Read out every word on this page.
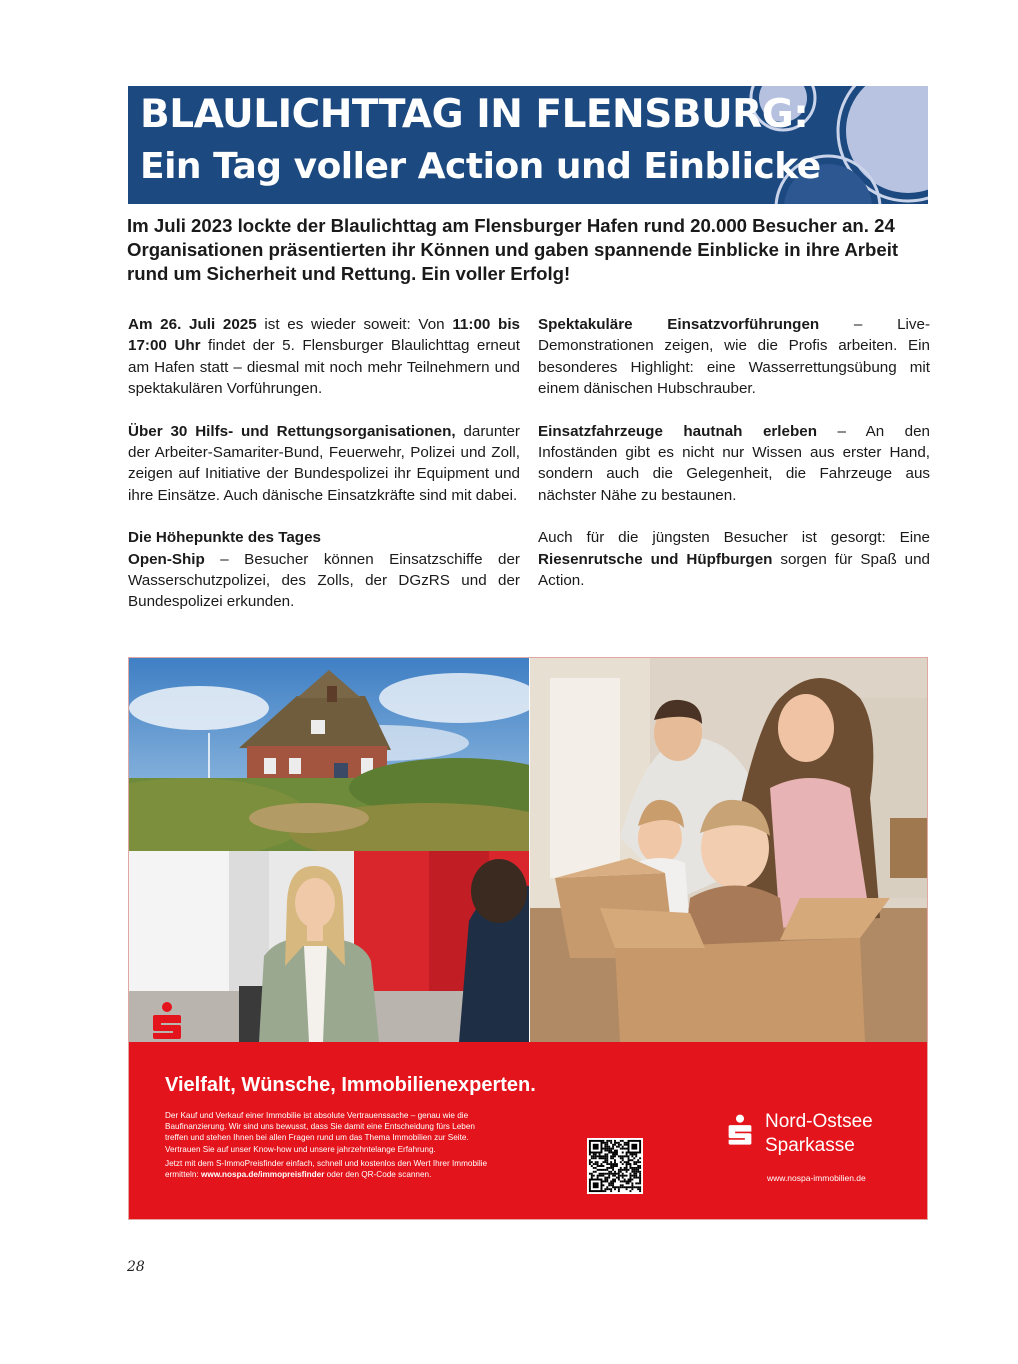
BLAULICHTTAG IN FLENSBURG:
Ein Tag voller Action und Einblicke

Im Juli 2023 lockte der Blaulichttag am Flensburger Hafen rund 20.000 Besucher an. 24 Organisationen präsentierten ihr Können und gaben spannende Einblicke in ihre Arbeit rund um Sicherheit und Rettung. Ein voller Erfolg!

Am 26. Juli 2025 ist es wieder soweit: Von 11:00 bis 17:00 Uhr findet der 5. Flensburger Blaulichttag erneut am Hafen statt – diesmal mit noch mehr Teilnehmern und spektakulären Vorführungen.

Über 30 Hilfs- und Rettungsorganisationen, darunter der Arbeiter-Samariter-Bund, Feuerwehr, Polizei und Zoll, zeigen auf Initiative der Bundespolizei ihr Equipment und ihre Einsätze. Auch dänische Einsatzkräfte sind mit dabei.

Die Höhepunkte des Tages
Open-Ship – Besucher können Einsatzschiffe der Wasserschutzpolizei, des Zolls, der DGzRS und der Bundespolizei erkunden.

Spektakuläre Einsatzvorführungen – Live-Demonstrationen zeigen, wie die Profis arbeiten. Ein besonderes Highlight: eine Wasserrettungsübung mit einem dänischen Hubschrauber.

Einsatzfahrzeuge hautnah erleben – An den Infoständen gibt es nicht nur Wissen aus erster Hand, sondern auch die Gelegenheit, die Fahrzeuge aus nächster Nähe zu bestaunen.

Auch für die jüngsten Besucher ist gesorgt: Eine Riesenrutsche und Hüpfburgen sorgen für Spaß und Action.

Vielfalt, Wünsche, Immobilienexperten.

Der Kauf und Verkauf einer Immobilie ist absolute Vertrauenssache – genau wie die Baufinanzierung. Wir sind uns bewusst, dass Sie damit eine Entscheidung fürs Leben treffen und stehen Ihnen bei allen Fragen rund um das Thema Immobilien zur Seite. Vertrauen Sie auf unser Know-how und unsere jahrzehntelange Erfahrung.

Jetzt mit dem S-ImmoPreisfinder einfach, schnell und kostenlos den Wert Ihrer Immobilie ermitteln: www.nospa.de/immopreisfinder oder den QR-Code scannen.

Nord-Ostsee
Sparkasse
www.nospa-immobilien.de
28
